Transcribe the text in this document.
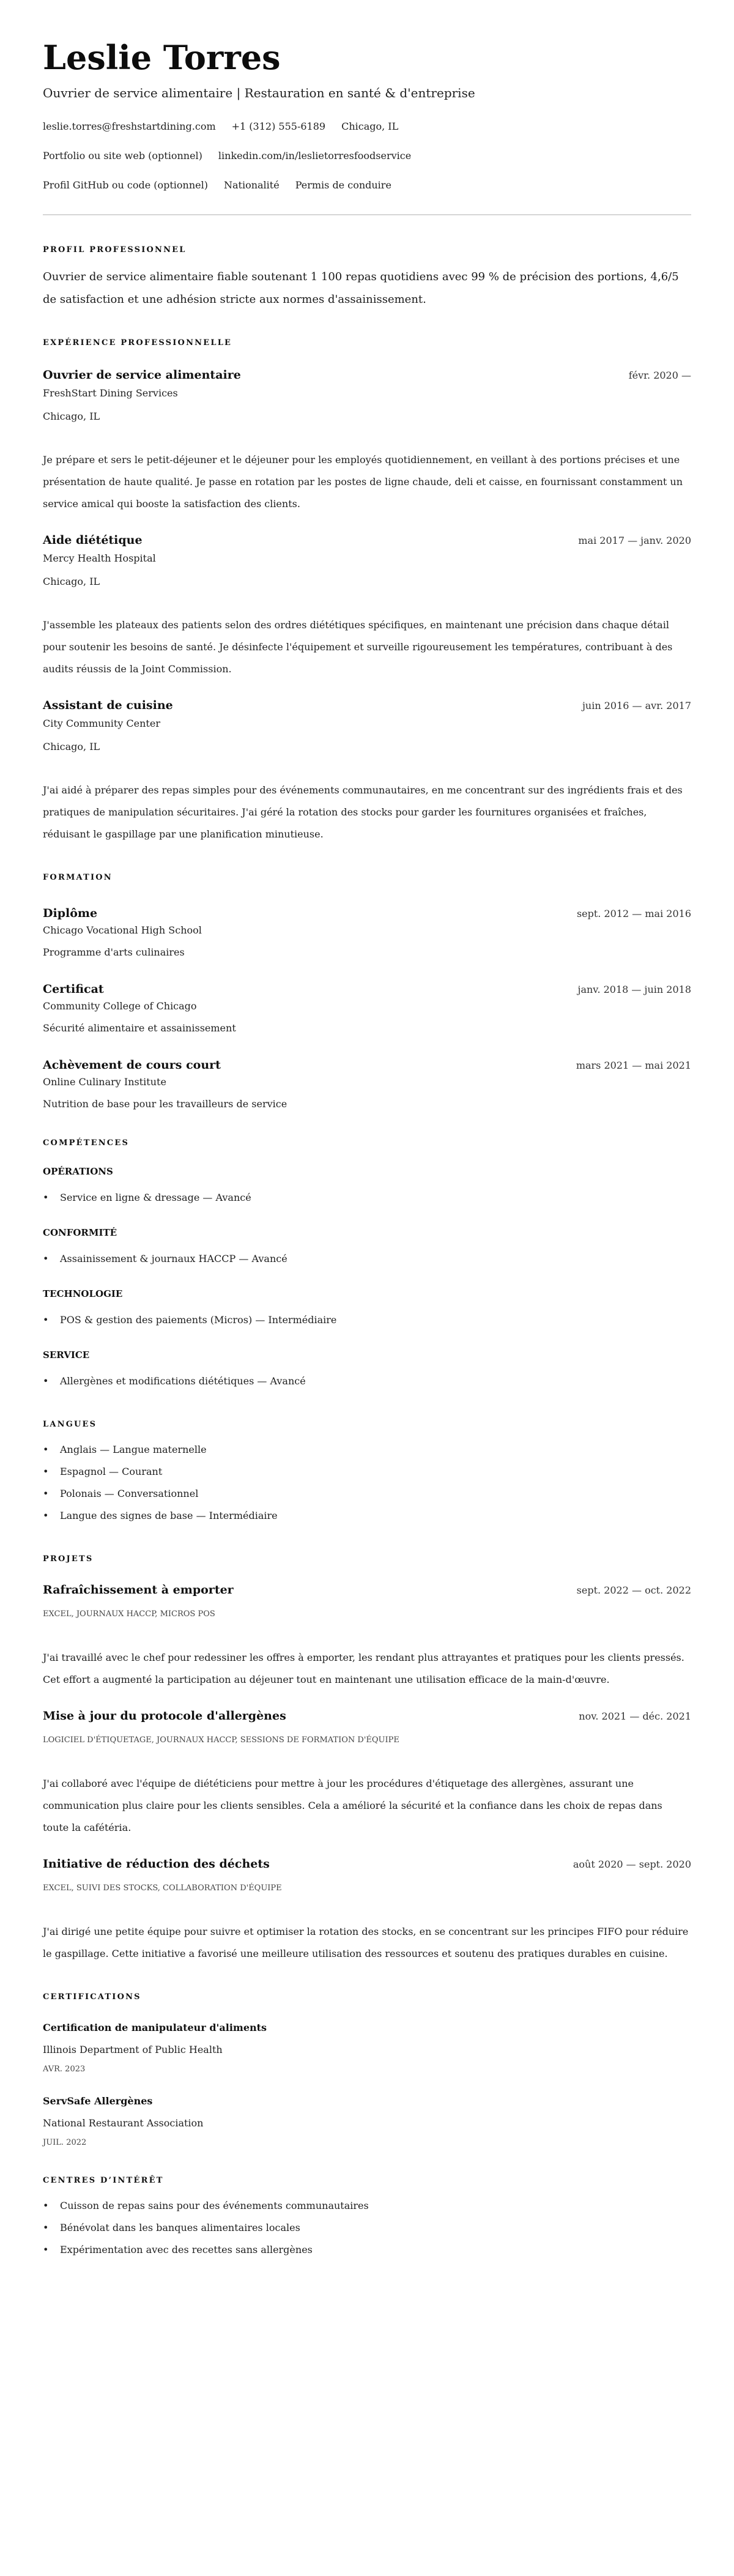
Leslie Torres
Ouvrier de service alimentaire | Restauration en santé & d'entreprise
leslie.torres@freshstartdining.com +1 (312) 555-6189 Chicago, IL
Portfolio ou site web (optionnel) linkedin.com/in/leslietorresfoodservice
Profil GitHub ou code (optionnel) Nationalité Permis de conduire
PROFIL PROFESSIONNEL

Ouvrier de service alimentaire fiable soutenant 1 100 repas quotidiens avec 99 % de précision des portions, 4,6/5 de satisfaction et une adhésion stricte aux normes d'assainissement.

EXPÉRIENCE PROFESSIONNELLE
Ouvrier de service alimentaire	févr. 2020 —
FreshStart Dining Services
Chicago, IL

Je prépare et sers le petit-déjeuner et le déjeuner pour les employés quotidiennement, en veillant à des portions précises et une présentation de haute qualité. Je passe en rotation par les postes de ligne chaude, deli et caisse, en fournissant constamment un service amical qui booste la satisfaction des clients.

Aide diététique	mai 2017 — janv. 2020
Mercy Health Hospital
Chicago, IL

J'assemble les plateaux des patients selon des ordres diététiques spécifiques, en maintenant une précision dans chaque détail pour soutenir les besoins de santé. Je désinfecte l'équipement et surveille rigoureusement les températures, contribuant à des audits réussis de la Joint Commission.

Assistant de cuisine	juin 2016 — avr. 2017
City Community Center
Chicago, IL

J'ai aidé à préparer des repas simples pour des événements communautaires, en me concentrant sur des ingrédients frais et des pratiques de manipulation sécuritaires. J'ai géré la rotation des stocks pour garder les fournitures organisées et fraîches, réduisant le gaspillage par une planification minutieuse.

FORMATION
Diplôme	sept. 2012 — mai 2016
Chicago Vocational High School
Programme d'arts culinaires
Certificat	janv. 2018 — juin 2018
Community College of Chicago
Sécurité alimentaire et assainissement
Achèvement de cours court	mars 2021 — mai 2021
Online Culinary Institute
Nutrition de base pour les travailleurs de service
COMPÉTENCES
OPÉRATIONS
• Service en ligne & dressage — Avancé
CONFORMITÉ
• Assainissement & journaux HACCP — Avancé
TECHNOLOGIE
• POS & gestion des paiements (Micros) — Intermédiaire
SERVICE
• Allergènes et modifications diététiques — Avancé
LANGUES
• Anglais — Langue maternelle
• Espagnol — Courant
• Polonais — Conversationnel
• Langue des signes de base — Intermédiaire
PROJETS
Rafraîchissement à emporter	sept. 2022 — oct. 2022
EXCEL, JOURNAUX HACCP, MICROS POS

J'ai travaillé avec le chef pour redessiner les offres à emporter, les rendant plus attrayantes et pratiques pour les clients pressés. Cet effort a augmenté la participation au déjeuner tout en maintenant une utilisation efficace de la main-d'œuvre.

Mise à jour du protocole d'allergènes	nov. 2021 — déc. 2021
LOGICIEL D'ÉTIQUETAGE, JOURNAUX HACCP, SESSIONS DE FORMATION D'ÉQUIPE

J'ai collaboré avec l'équipe de diététiciens pour mettre à jour les procédures d'étiquetage des allergènes, assurant une communication plus claire pour les clients sensibles. Cela a amélioré la sécurité et la confiance dans les choix de repas dans toute la cafétéria.

Initiative de réduction des déchets	août 2020 — sept. 2020
EXCEL, SUIVI DES STOCKS, COLLABORATION D'ÉQUIPE

J'ai dirigé une petite équipe pour suivre et optimiser la rotation des stocks, en se concentrant sur les principes FIFO pour réduire le gaspillage. Cette initiative a favorisé une meilleure utilisation des ressources et soutenu des pratiques durables en cuisine.

CERTIFICATIONS
Certification de manipulateur d'aliments
Illinois Department of Public Health
AVR. 2023
ServSafe Allergènes
National Restaurant Association
JUIL. 2022
CENTRES D’INTÉRÊT
• Cuisson de repas sains pour des événements communautaires
• Bénévolat dans les banques alimentaires locales
• Expérimentation avec des recettes sans allergènes
